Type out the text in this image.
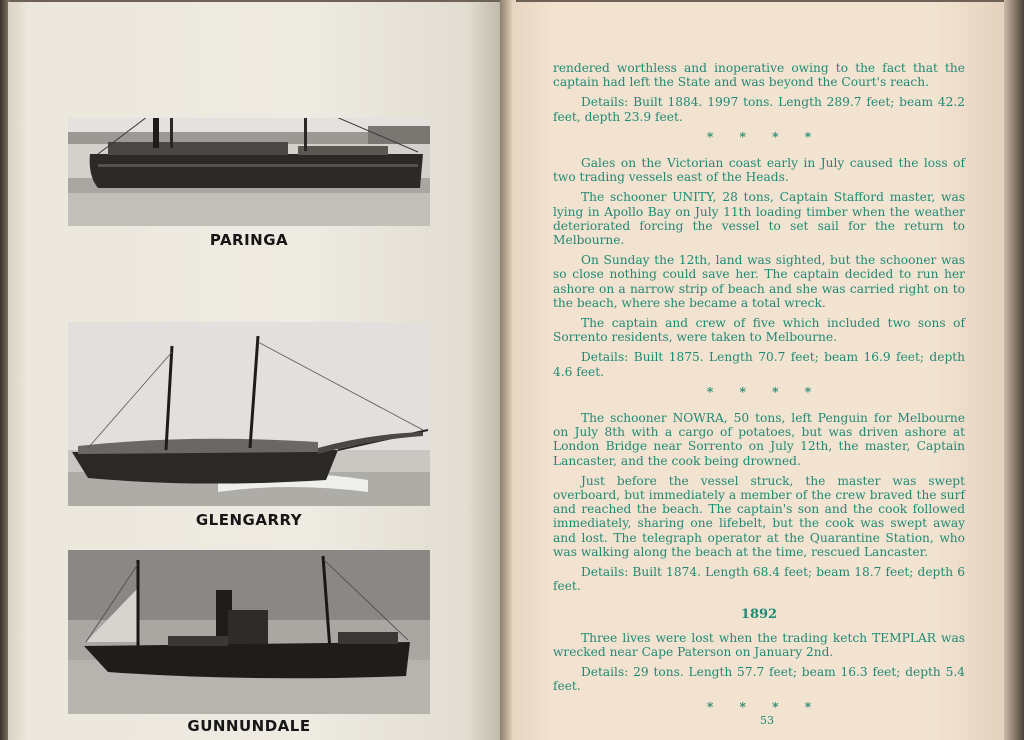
PARINGA
GLENGARRY
GUNNUNDALE

rendered worthless and inoperative owing to the fact that the captain had left the State and was beyond the Court's reach.

Details: Built 1884. 1997 tons. Length 289.7 feet; beam 42.2 feet, depth 23.9 feet.

* * * *

Gales on the Victorian coast early in July caused the loss of two trading vessels east of the Heads.

The schooner UNITY, 28 tons, Captain Stafford master, was lying in Apollo Bay on July 11th loading timber when the weather deteriorated forcing the vessel to set sail for the return to Melbourne.

On Sunday the 12th, land was sighted, but the schooner was so close nothing could save her. The captain decided to run her ashore on a narrow strip of beach and she was carried right on to the beach, where she became a total wreck.

The captain and crew of five which included two sons of Sorrento residents, were taken to Melbourne.

Details: Built 1875. Length 70.7 feet; beam 16.9 feet; depth 4.6 feet.

* * * *

The schooner NOWRA, 50 tons, left Penguin for Melbourne on July 8th with a cargo of potatoes, but was driven ashore at London Bridge near Sorrento on July 12th, the master, Captain Lancaster, and the cook being drowned.

Just before the vessel struck, the master was swept overboard, but immediately a member of the crew braved the surf and reached the beach. The captain's son and the cook followed immediately, sharing one lifebelt, but the cook was swept away and lost. The telegraph operator at the Quarantine Station, who was walking along the beach at the time, rescued Lancaster.

Details: Built 1874. Length 68.4 feet; beam 18.7 feet; depth 6 feet.

1892

Three lives were lost when the trading ketch TEMPLAR was wrecked near Cape Paterson on January 2nd.

Details: 29 tons. Length 57.7 feet; beam 16.3 feet; depth 5.4 feet.

* * * *
53
